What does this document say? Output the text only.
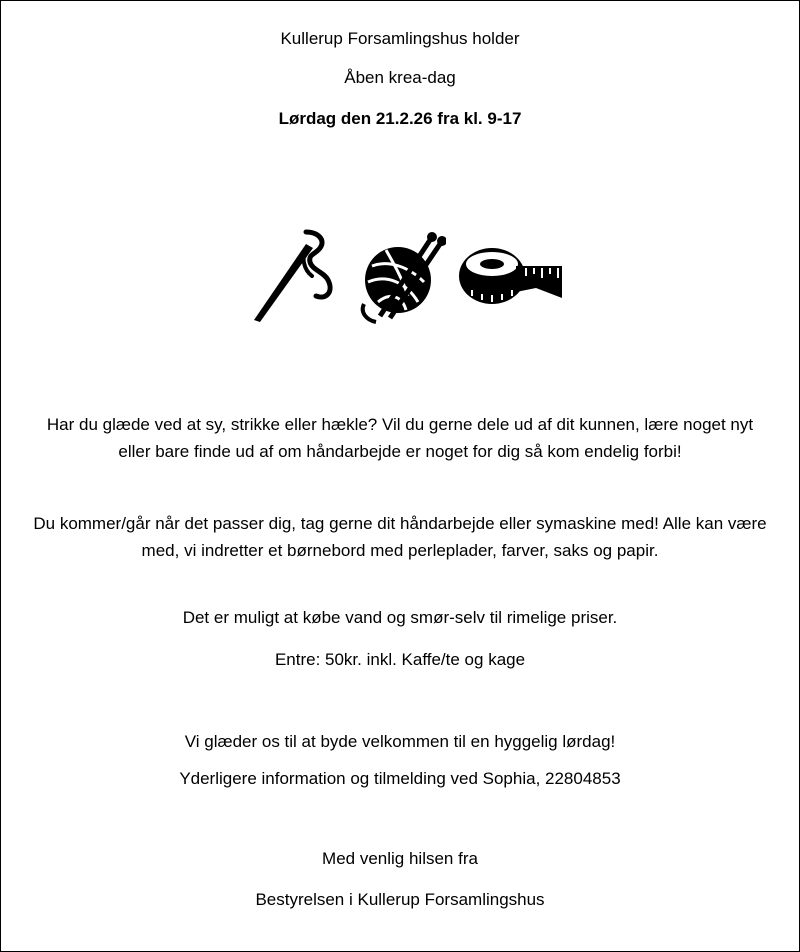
Kullerup Forsamlingshus holder
Åben krea-dag
Lørdag den 21.2.26 fra kl. 9-17
Har du glæde ved at sy, strikke eller hækle? Vil du gerne dele ud af dit kunnen, lære noget nyt eller bare finde ud af om håndarbejde er noget for dig så kom endelig forbi!
Du kommer/går når det passer dig, tag gerne dit håndarbejde eller symaskine med! Alle kan være med, vi indretter et børnebord med perleplader, farver, saks og papir.
Det er muligt at købe vand og smør-selv til rimelige priser.
Entre: 50kr. inkl. Kaffe/te og kage
Vi glæder os til at byde velkommen til en hyggelig lørdag!
Yderligere information og tilmelding ved Sophia, 22804853
Med venlig hilsen fra
Bestyrelsen i Kullerup Forsamlingshus
